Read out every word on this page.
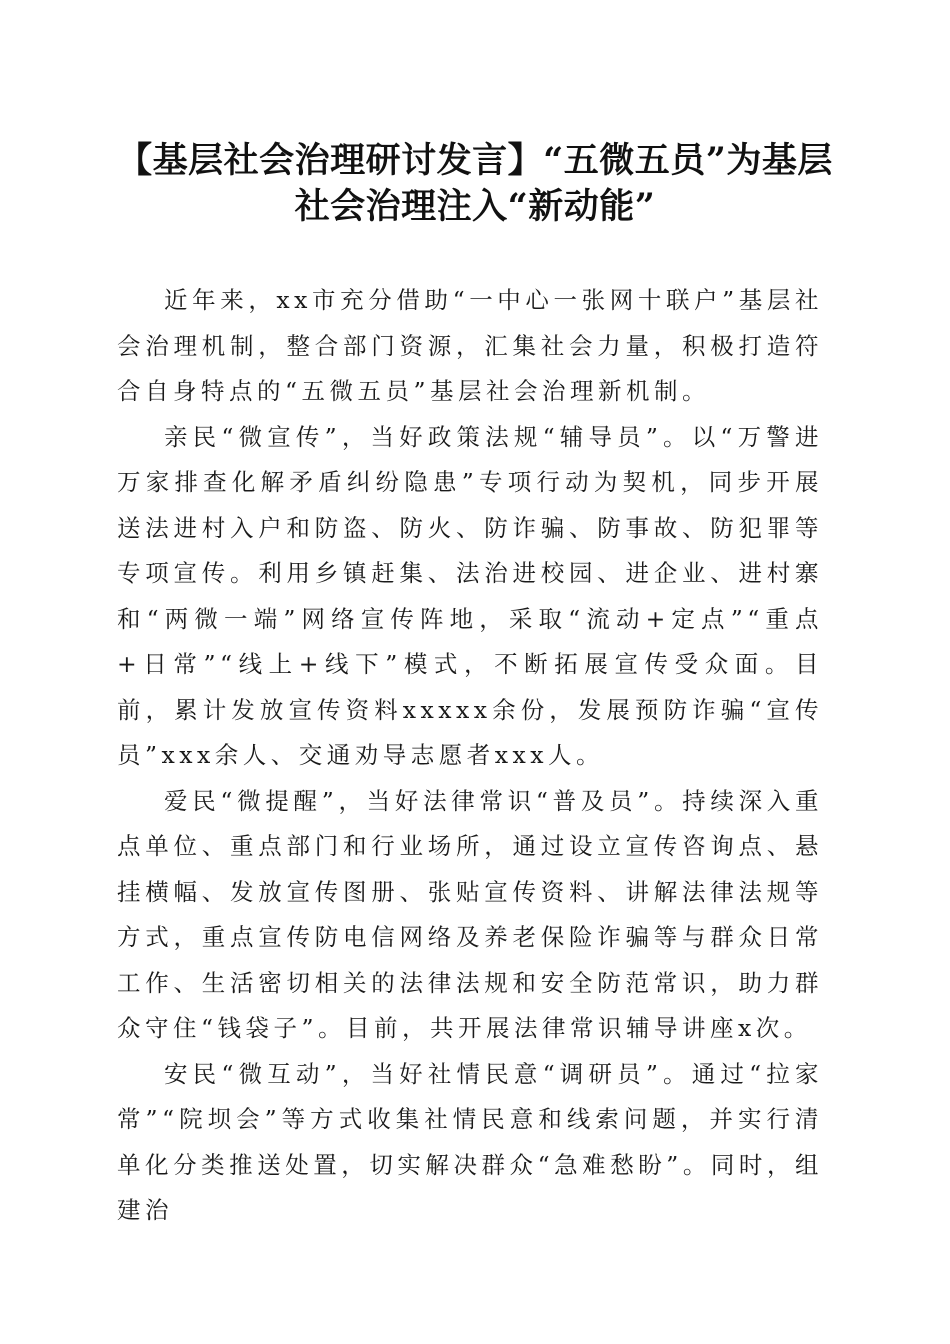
【基层社会治理研讨发言】“五微五员”为基层社会治理注入“新动能”

近年来，xx市充分借助“一中心一张网十联户”基层社会治理机制，整合部门资源，汇集社会力量，积极打造符合自身特点的“五微五员”基层社会治理新机制。

亲民“微宣传”，当好政策法规“辅导员”。以“万警进万家排查化解矛盾纠纷隐患”专项行动为契机，同步开展送法进村入户和防盗、防火、防诈骗、防事故、防犯罪等专项宣传。利用乡镇赶集、法治进校园、进企业、进村寨和“两微一端”网络宣传阵地，采取“流动+定点”“重点+日常”“线上+线下”模式，不断拓展宣传受众面。目前，累计发放宣传资料xxxxx余份，发展预防诈骗“宣传员”xxx余人、交通劝导志愿者xxx人。

爱民“微提醒”，当好法律常识“普及员”。持续深入重点单位、重点部门和行业场所，通过设立宣传咨询点、悬挂横幅、发放宣传图册、张贴宣传资料、讲解法律法规等方式，重点宣传防电信网络及养老保险诈骗等与群众日常工作、生活密切相关的法律法规和安全防范常识，助力群众守住“钱袋子”。目前，共开展法律常识辅导讲座x次。

安民“微互动”，当好社情民意“调研员”。通过“拉家常”“院坝会”等方式收集社情民意和线索问题，并实行清单化分类推送处置，切实解决群众“急难愁盼”。同时，组建治
